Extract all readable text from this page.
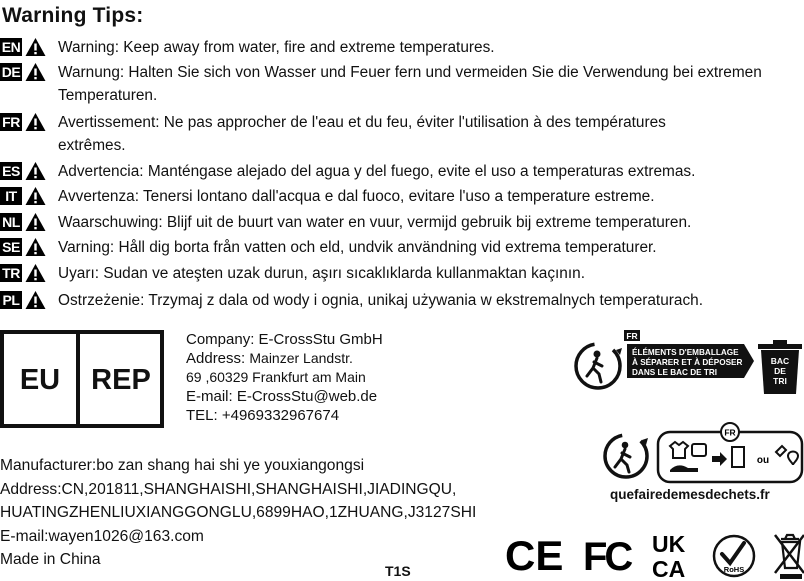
Warning Tips:
EN Warning: Keep away from water, fire and extreme temperatures.
DE Warnung: Halten Sie sich von Wasser und Feuer fern und vermeiden Sie die Verwendung bei extremen
Temperaturen.
FR Avertissement: Ne pas approcher de l'eau et du feu, éviter l'utilisation à des températures
extrêmes.
ES Advertencia: Manténgase alejado del agua y del fuego, evite el uso a temperaturas extremas.
IT	Avvertenza: Tenersi lontano dall'acqua e dal fuoco, evitare l'uso a temperature estreme.
NL Waarschuwing: Blijf uit de buurt van water en vuur, vermijd gebruik bij extreme temperaturen.
SE Varning: Håll dig borta från vatten och eld, undvik användning vid extrema temperaturer.
TR Uyarı: Sudan ve ateşten uzak durun, aşırı sıcaklıklarda kullanmaktan kaçının.
PL	Ostrzeżenie: Trzymaj z dala od wody i ognia, unikaj używania w ekstremalnych temperaturach.
EU	REP
Company: E-CrossStu GmbH
Address: Mainzer Landstr.
69 ,60329 Frankfurt am Main
E-mail: E-CrossStu@web.de
TEL: +4969332967674
Manufacturer:bo zan shang hai shi ye youxiangongsi
Address:CN,201811,SHANGHAISHI,SHANGHAISHI,JIADINGQU,
HUATINGZHENLIUXIANGGONGLU,6899HAO,1ZHUANG,J3127SHI
E-mail:wayen1026@163.com
Made in China
T1S
FR
ÉLÉMENTS D'EMBALLAGE
À SÉPARER ET À DÉPOSER
DANS LE BAC DE TRI
BAC
DE
TRI
FR
ou
quefairedemesdechets.fr
CE FC UK
CA	RoHS
